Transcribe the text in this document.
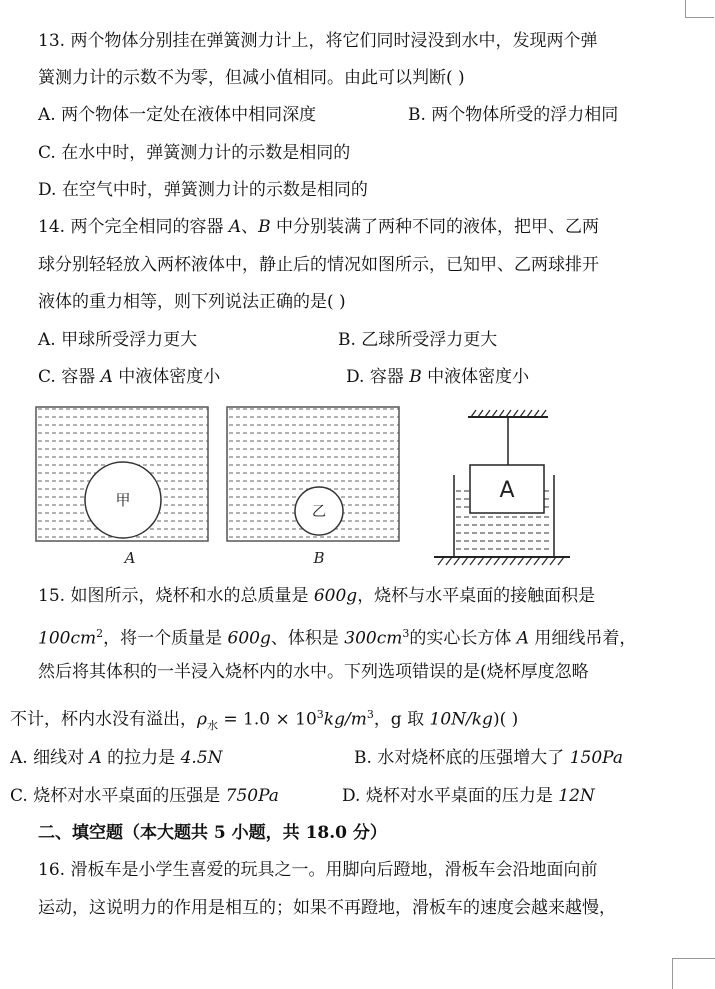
13. 两个物体分别挂在弹簧测力计上，将它们同时浸没到水中，发现两个弹
簧测力计的示数不为零，但减小值相同。由此可以判断( )
A. 两个物体一定处在液体中相同深度	B. 两个物体所受的浮力相同
C. 在水中时，弹簧测力计的示数是相同的
D. 在空气中时，弹簧测力计的示数是相同的
14. 两个完全相同的容器 A、B 中分别装满了两种不同的液体，把甲、乙两
球分别轻轻放入两杯液体中，静止后的情况如图所示，已知甲、乙两球排开
液体的重力相等，则下列说法正确的是( )
A. 甲球所受浮力更大	B. 乙球所受浮力更大
C. 容器 A 中液体密度小	D. 容器 B 中液体密度小
甲
A
乙
B
A
15. 如图所示，烧杯和水的总质量是 600g，烧杯与水平桌面的接触面积是
$100cm^2$，将一个质量是 600g、体积是 $300cm^3$的实心长方体 A 用细线吊着，
然后将其体积的一半浸入烧杯内的水中。下列选项错误的是(烧杯厚度忽略
不计，杯内水没有溢出，$\rho_水 = 1.0 \times 10^3kg/m^3$，g 取 10N/kg)( )
A. 细线对 A 的拉力是 4.5N	B. 水对烧杯底的压强增大了 150Pa
C. 烧杯对水平桌面的压强是 750Pa	D. 烧杯对水平桌面的压力是 12N
二、填空题（本大题共 5 小题，共 18.0 分）
16. 滑板车是小学生喜爱的玩具之一。用脚向后蹬地，滑板车会沿地面向前
运动，这说明力的作用是相互的；如果不再蹬地，滑板车的速度会越来越慢，
